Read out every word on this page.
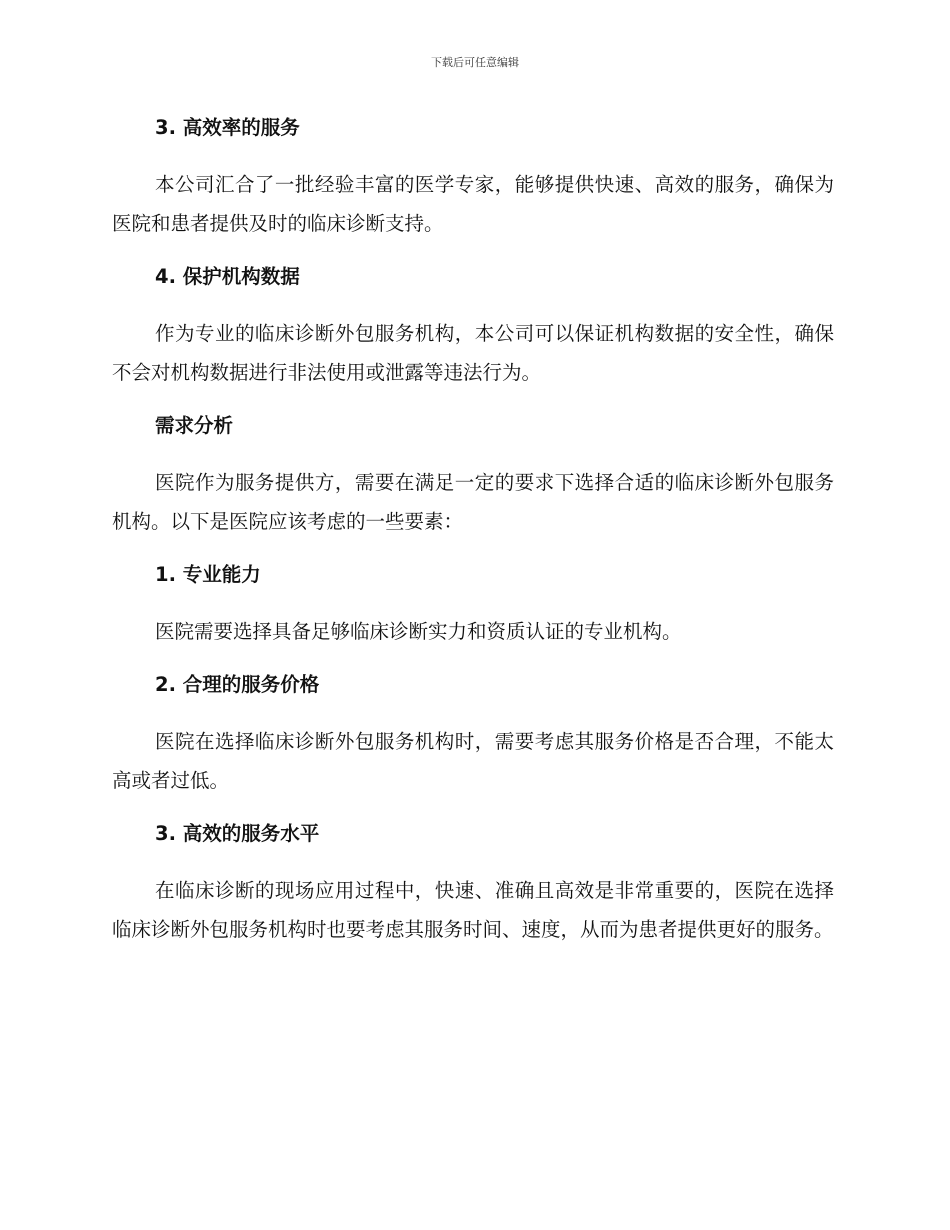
下载后可任意编辑

3. 高效率的服务

本公司汇合了一批经验丰富的医学专家，能够提供快速、高效的服务，确保为医院和患者提供及时的临床诊断支持。

4. 保护机构数据

作为专业的临床诊断外包服务机构，本公司可以保证机构数据的安全性，确保不会对机构数据进行非法使用或泄露等违法行为。

需求分析

医院作为服务提供方，需要在满足一定的要求下选择合适的临床诊断外包服务机构。以下是医院应该考虑的一些要素：

1. 专业能力

医院需要选择具备足够临床诊断实力和资质认证的专业机构。

2. 合理的服务价格

医院在选择临床诊断外包服务机构时，需要考虑其服务价格是否合理，不能太高或者过低。

3. 高效的服务水平

在临床诊断的现场应用过程中，快速、准确且高效是非常重要的，医院在选择临床诊断外包服务机构时也要考虑其服务时间、速度，从而为患者提供更好的服务。
